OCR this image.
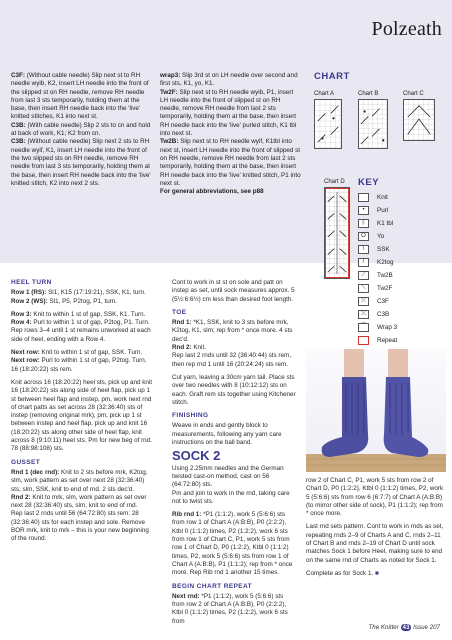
Polzeath

C3F: (Without cable needle) Slip next st to RH needle wyib, K2, insert LH needle into the front of the slipped st on RH needle, remove RH needle from last 3 sts temporarily, holding them at the base, then insert RH needle back into the 'live' knitted stitches, K1 into next st.

C3B: (With cable needle) Slip 2 sts to cn and hold at back of work, K1; K2 from cn.

C3B: (Without cable needle) Slip next 2 sts to RH needle wyif, K1, insert LH needle into the front of the two slipped sts on RH needle, remove RH needle from last 3 sts temporarily, holding them at the base, then insert RH needle back into the 'live' knitted stitch, K2 into next 2 sts.

wrap3: Slip 3rd st on LH needle over second and first sts, K1, yo, K1.

Tw2F: Slip next st to RH needle wyib, P1, insert LH needle into the front of slipped st on RH needle, remove RH needle from last 2 sts temporarily, holding them at the base, then insert RH needle back into the 'live' purled stitch, K1 tbl into next st.

Tw2B: Slip next st to RH needle wyif, K1tbl into next st, insert LH needle into the front of slipped st on RH needle, remove RH needle from last 2 sts temporarily, holding them at the base, then insert RH needle back into the 'live' knitted stitch, P1 into next st.

For general abbreviations, see p88

CHART
Chart A	Chart B	Chart C
Chart D KEY
Knit
•	Purl
ᛒ	K1 tbl
O	Yo
\	SSK
/	K2tog
⟋	Tw2B
⟍	Tw2F
⤫	C3F
⤬	C3B
⌒	Wrap 3
Repeat
HEEL TURN

Row 1 (RS): Sl1, K15 (17:19:21), SSK, K1, turn.
Row 2 (WS): Sl1, P5, P2tog, P1, turn.

Row 3: Knit to within 1 st of gap, SSK, K1. Turn.
Row 4: Purl to within 1 st of gap, P2tog, P1. Turn.
Rep rows 3–4 until 1 st remains unworked at each side of heel, ending with a Row 4.

Next row: Knit to within 1 st of gap, SSK. Turn.
Next row: Purl to within 1 st of gap, P2tog. Turn.
16 (18:20:22) sts rem.

Knit across 16 (18:20:22) heel sts, pick up and knit 16 (18:20:22) sts along side of heel flap, pick up 1 st between heel flap and instep, pm, work next rnd of chart patts as set across 28 (32:36:40) sts of instep (removing original mrk), pm, pick up 1 st between instep and heel flap, pick up and knit 16 (18:20:22) sts along other side of heel flap, knit across 8 (9:10:11) heel sts. Pm for new beg of rnd.
78 (88:98:108) sts.

GUSSET

Rnd 1 (dec rnd): Knit to 2 sts before mrk, K2tog, slm, work pattern as set over next 28 (32:36:40) sts, slm, SSK, knit to end of rnd. 2 sts dec'd.
Rnd 2: Knit to mrk, slm, work pattern as set over next 28 (32:36:40) sts, slm, knit to end of rnd.
Rep last 2 rnds until 56 (64:72:80) sts rem: 28 (32:36:40) sts for each instep and sole. Remove BOR mrk, knit to mrk – this is your new beginning of the round.

Cont to work in st st on sole and patt on instep as set, until sock measures approx. 5 (5½:6:6½) cm less than desired foot length.

TOE

Rnd 1: *K1, SSK, knit to 3 sts before mrk, K2tog, K1, slm; rep from * once more. 4 sts dec'd.
Rnd 2: Knit.
Rep last 2 rnds until 32 (36:40:44) sts rem, then rep rnd 1 until 16 (20:24:24) sts rem.

Cut yarn, leaving a 30cm yarn tail. Place sts over two needles with 8 (10:12:12) sts on each. Graft rem sts together using Kitchener stitch.

FINISHING

Weave in ends and gently block to measurements, following any yarn care instructions on the ball band.

SOCK 2

Using 2.25mm needles and the German twisted cast-on method, cast on 56 (64:72:80) sts.
Pm and join to work in the rnd, taking care not to twist sts.

Rib rnd 1: *P1 (1:1:2), work 5 (5:6:6) sts from row 1 of Chart A (A:B:B), P0 (2:2:2), Ktbl 0 (1:1:2) times, P2 (1:2:2), work 6 sts from row 1 of Chart C, P1, work 5 sts from row 1 of Chart D, P0 (1:2:2), Ktbl 0 (1:1:2) times, P2, work 5 (5:6:6) sts from row 1 of Chart A (A:B:B), P1 (1:1:2); rep from * once more. Rep Rib rnd 1 another 15 times.

BEGIN CHART REPEAT

Next rnd: *P1 (1:1:2), work 5 (5:6:6) sts from row 2 of Chart A (A:B:B), P0 (2:2:2), Ktbl 0 (1:1:2) times, P2 (1:2:2), work 6 sts from

row 2 of Chart C, P1, work 5 sts from row 2 of Chart D, P0 (1:2:2), Ktbl 0 (1:1:2) times, P2, work 5 (5:6:6) sts from row 6 (6:7:7) of Chart A (A:B:B) (to mirror other side of sock), P1 (1:1:2); rep from * once more.

Last rnd sets pattern. Cont to work in rnds as set, repeating rnds 2–9 of Charts A and C, rnds 2–11 of Chart B and rnds 2–19 of Chart D until sock matches Sock 1 before Heel, making sure to end on the same rnd of Charts as noted for Sock 1.

Complete as for Sock 1. ■

The Knitter 43 Issue 207
